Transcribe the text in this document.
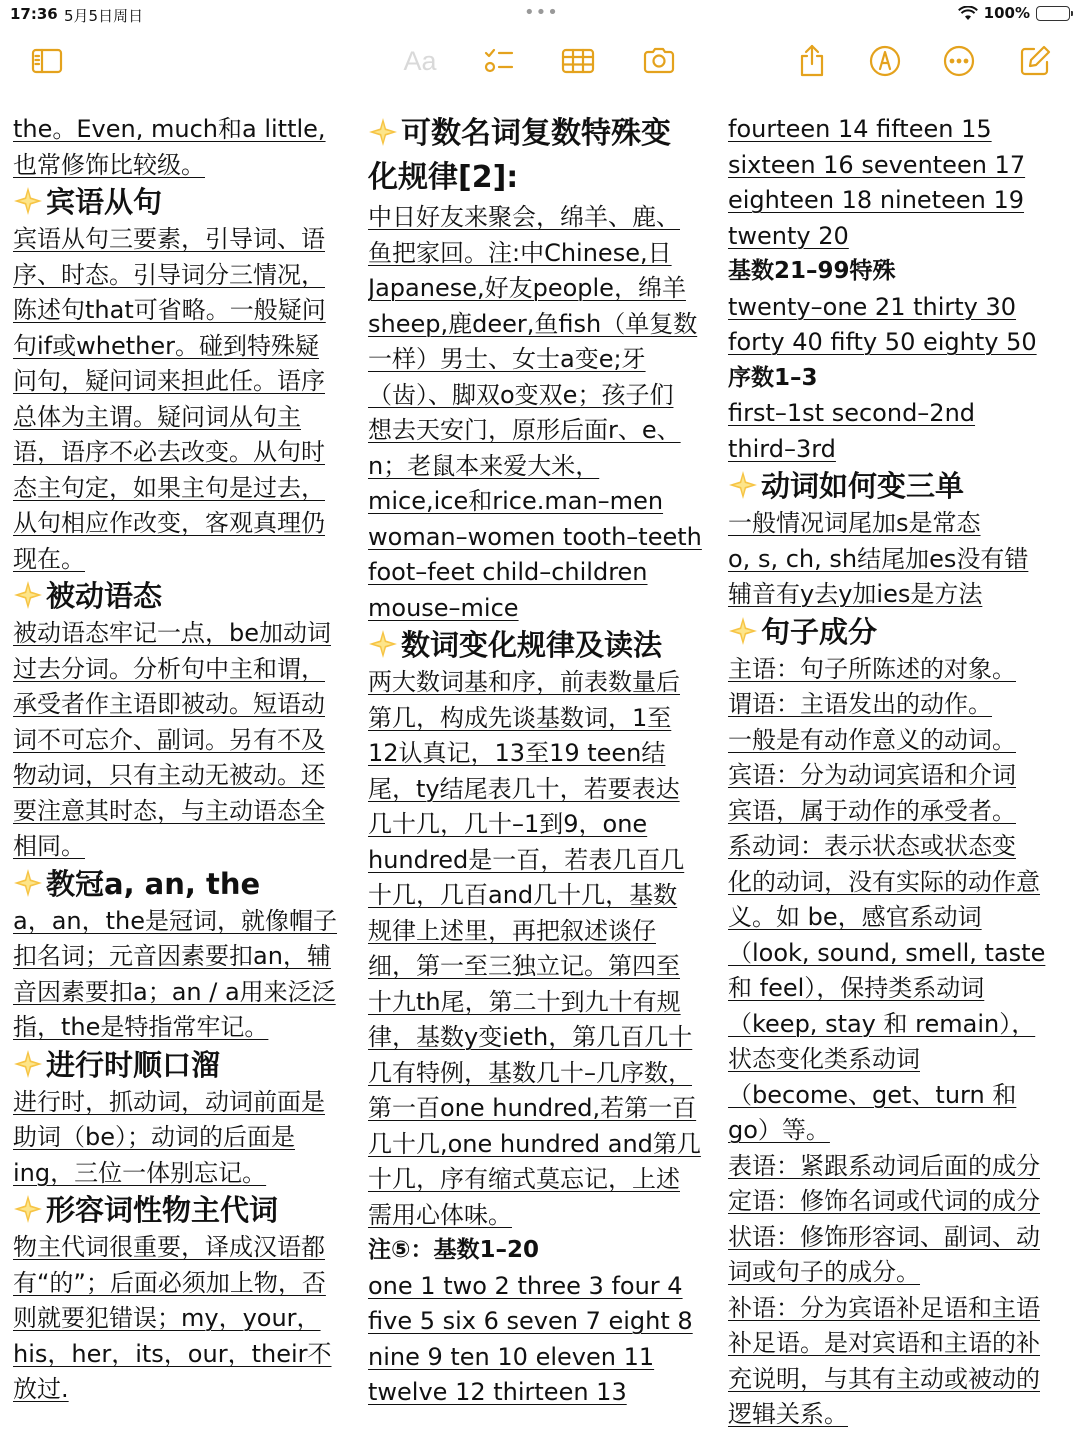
17:36 5月5日周日	•••	100%
Aa
the。Even, much和a little,
也常修饰比较级。
宾语从句
宾语从句三要素，引导词、语
序、时态。引导词分三情况，
陈述句that可省略。一般疑问
句if或whether。碰到特殊疑
问句，疑问词来担此任。语序
总体为主谓。疑问词从句主
语，语序不必去改变。从句时
态主句定，如果主句是过去，
从句相应作改变，客观真理仍
现在。
被动语态
被动语态牢记一点，be加动词
过去分词。分析句中主和谓，
承受者作主语即被动。短语动
词不可忘介、副词。另有不及
物动词，只有主动无被动。还
要注意其时态，与主动语态全
相同。
教冠a, an, the
a，an，the是冠词，就像帽子
扣名词；元音因素要扣an，辅
音因素要扣a；an / a用来泛泛
指，the是特指常牢记。
进行时顺口溜
进行时，抓动词，动词前面是
助词（be）；动词的后面是
ing，三位一体别忘记。
形容词性物主代词
物主代词很重要，译成汉语都
有“的”；后面必须加上物，否
则就要犯错误；my，your，
his，her，its，our，their不
放过.
可数名词复数特殊变
化规律[2]:
中日好友来聚会，绵羊、鹿、
鱼把家回。注:中Chinese,日
Japanese,好友people，绵羊
sheep,鹿deer,鱼fish（单复数
一样）男士、女士a变e;牙
（齿）、脚双o变双e；孩子们
想去天安门，原形后面r、e、
n；老鼠本来爱大米，
mice,ice和rice.man–men
woman–women tooth–teeth
foot–feet child–children
mouse–mice
数词变化规律及读法
两大数词基和序，前表数量后
第几，构成先谈基数词，1至
12认真记，13至19 teen结
尾，ty结尾表几十，若要表达
几十几，几十–1到9，one
hundred是一百，若表几百几
十几，几百and几十几，基数
规律上述里，再把叙述谈仔
细，第一至三独立记。第四至
十九th尾，第二十到九十有规
律，基数y变ieth，第几百几十
几有特例，基数几十–几序数，
第一百one hundred,若第一百
几十几,one hundred and第几
十几，序有缩式莫忘记，上述
需用心体味。
注⑤：基数1–20
one 1 two 2 three 3 four 4
five 5 six 6 seven 7 eight 8
nine 9 ten 10 eleven 11
twelve 12 thirteen 13
fourteen 14 fifteen 15
sixteen 16 seventeen 17
eighteen 18 nineteen 19
twenty 20
基数21–99特殊
twenty–one 21 thirty 30
forty 40 fifty 50 eighty 50
序数1–3
first–1st second–2nd
third–3rd
动词如何变三单
一般情况词尾加s是常态
o, s, ch, sh结尾加es没有错
辅音有y去y加ies是方法
句子成分
主语：句子所陈述的对象。
谓语：主语发出的动作。
一般是有动作意义的动词。
宾语：分为动词宾语和介词
宾语，属于动作的承受者。
系动词：表示状态或状态变
化的动词，没有实际的动作意
义。如 be，感官系动词
（look, sound, smell, taste
和 feel），保持类系动词
（keep, stay 和 remain），
状态变化类系动词
（become、get、turn 和
go）等。
表语：紧跟系动词后面的成分
定语：修饰名词或代词的成分
状语：修饰形容词、副词、动
词或句子的成分。
补语：分为宾语补足语和主语
补足语。是对宾语和主语的补
充说明，与其有主动或被动的
逻辑关系。
